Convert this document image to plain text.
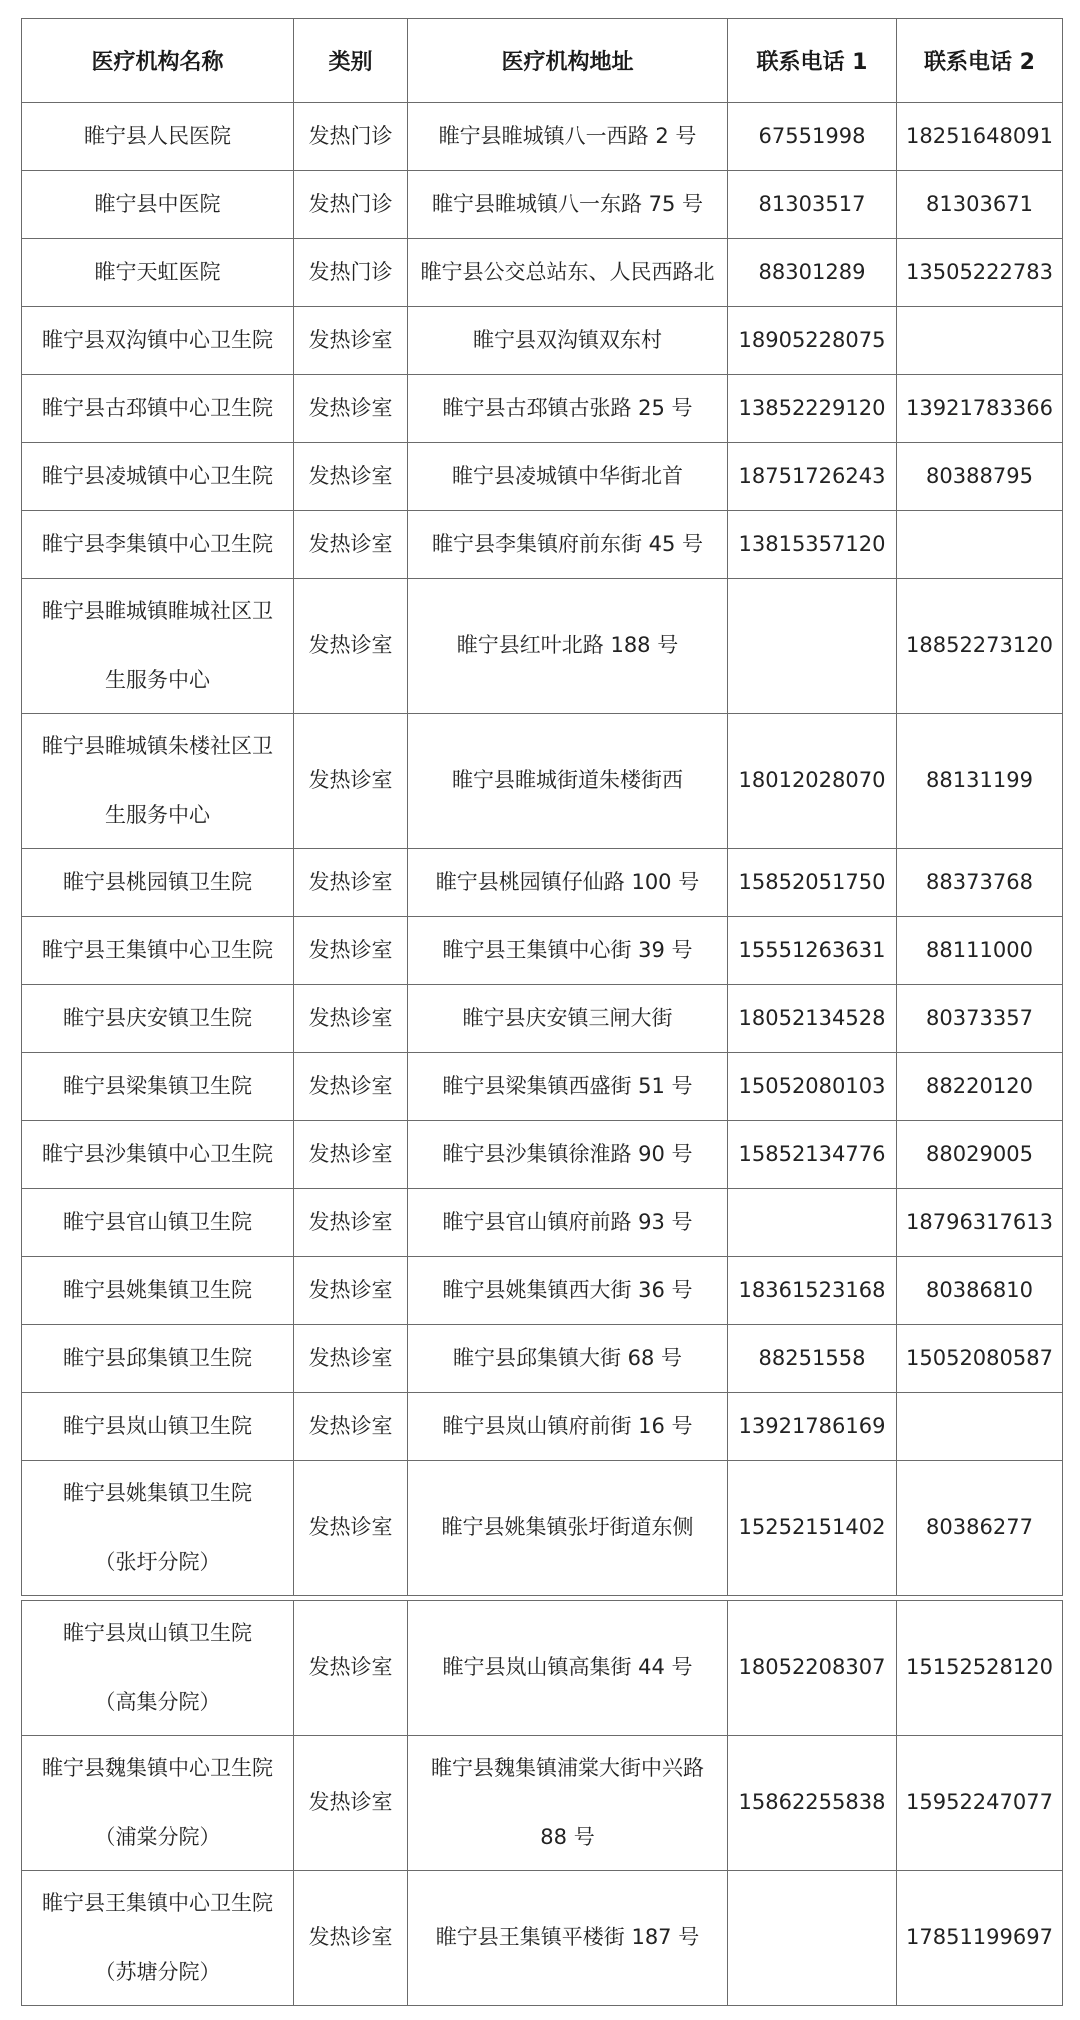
医疗机构名称	类别	医疗机构地址	联系电话 1	联系电话 2

睢宁县人民医院	发热门诊	睢宁县睢城镇八一西路 2 号	67551998	18251648091

睢宁县中医院	发热门诊	睢宁县睢城镇八一东路 75 号	81303517	81303671

睢宁天虹医院	发热门诊	睢宁县公交总站东、人民西路北	88301289	13505222783

睢宁县双沟镇中心卫生院	发热诊室	睢宁县双沟镇双东村	18905228075	

睢宁县古邳镇中心卫生院	发热诊室	睢宁县古邳镇古张路 25 号	13852229120	13921783366

睢宁县凌城镇中心卫生院	发热诊室	睢宁县凌城镇中华街北首	18751726243	80388795

睢宁县李集镇中心卫生院	发热诊室	睢宁县李集镇府前东街 45 号	13815357120	

睢宁县睢城镇睢城社区卫
生服务中心	发热诊室	睢宁县红叶北路 188 号		18852273120

睢宁县睢城镇朱楼社区卫
生服务中心	发热诊室	睢宁县睢城街道朱楼街西	18012028070	88131199

睢宁县桃园镇卫生院	发热诊室	睢宁县桃园镇仔仙路 100 号	15852051750	88373768

睢宁县王集镇中心卫生院	发热诊室	睢宁县王集镇中心街 39 号	15551263631	88111000

睢宁县庆安镇卫生院	发热诊室	睢宁县庆安镇三闸大街	18052134528	80373357

睢宁县梁集镇卫生院	发热诊室	睢宁县梁集镇西盛街 51 号	15052080103	88220120

睢宁县沙集镇中心卫生院	发热诊室	睢宁县沙集镇徐淮路 90 号	15852134776	88029005

睢宁县官山镇卫生院	发热诊室	睢宁县官山镇府前路 93 号		18796317613

睢宁县姚集镇卫生院	发热诊室	睢宁县姚集镇西大街 36 号	18361523168	80386810

睢宁县邱集镇卫生院	发热诊室	睢宁县邱集镇大街 68 号	88251558	15052080587

睢宁县岚山镇卫生院	发热诊室	睢宁县岚山镇府前街 16 号	13921786169	

睢宁县姚集镇卫生院
（张圩分院）	发热诊室	睢宁县姚集镇张圩街道东侧	15252151402	80386277
睢宁县岚山镇卫生院
（高集分院）	发热诊室	睢宁县岚山镇高集街 44 号	18052208307	15152528120

睢宁县魏集镇中心卫生院
（浦棠分院）	发热诊室	睢宁县魏集镇浦棠大街中兴路
88 号	15862255838	15952247077

睢宁县王集镇中心卫生院
（苏塘分院）	发热诊室	睢宁县王集镇平楼街 187 号		17851199697
